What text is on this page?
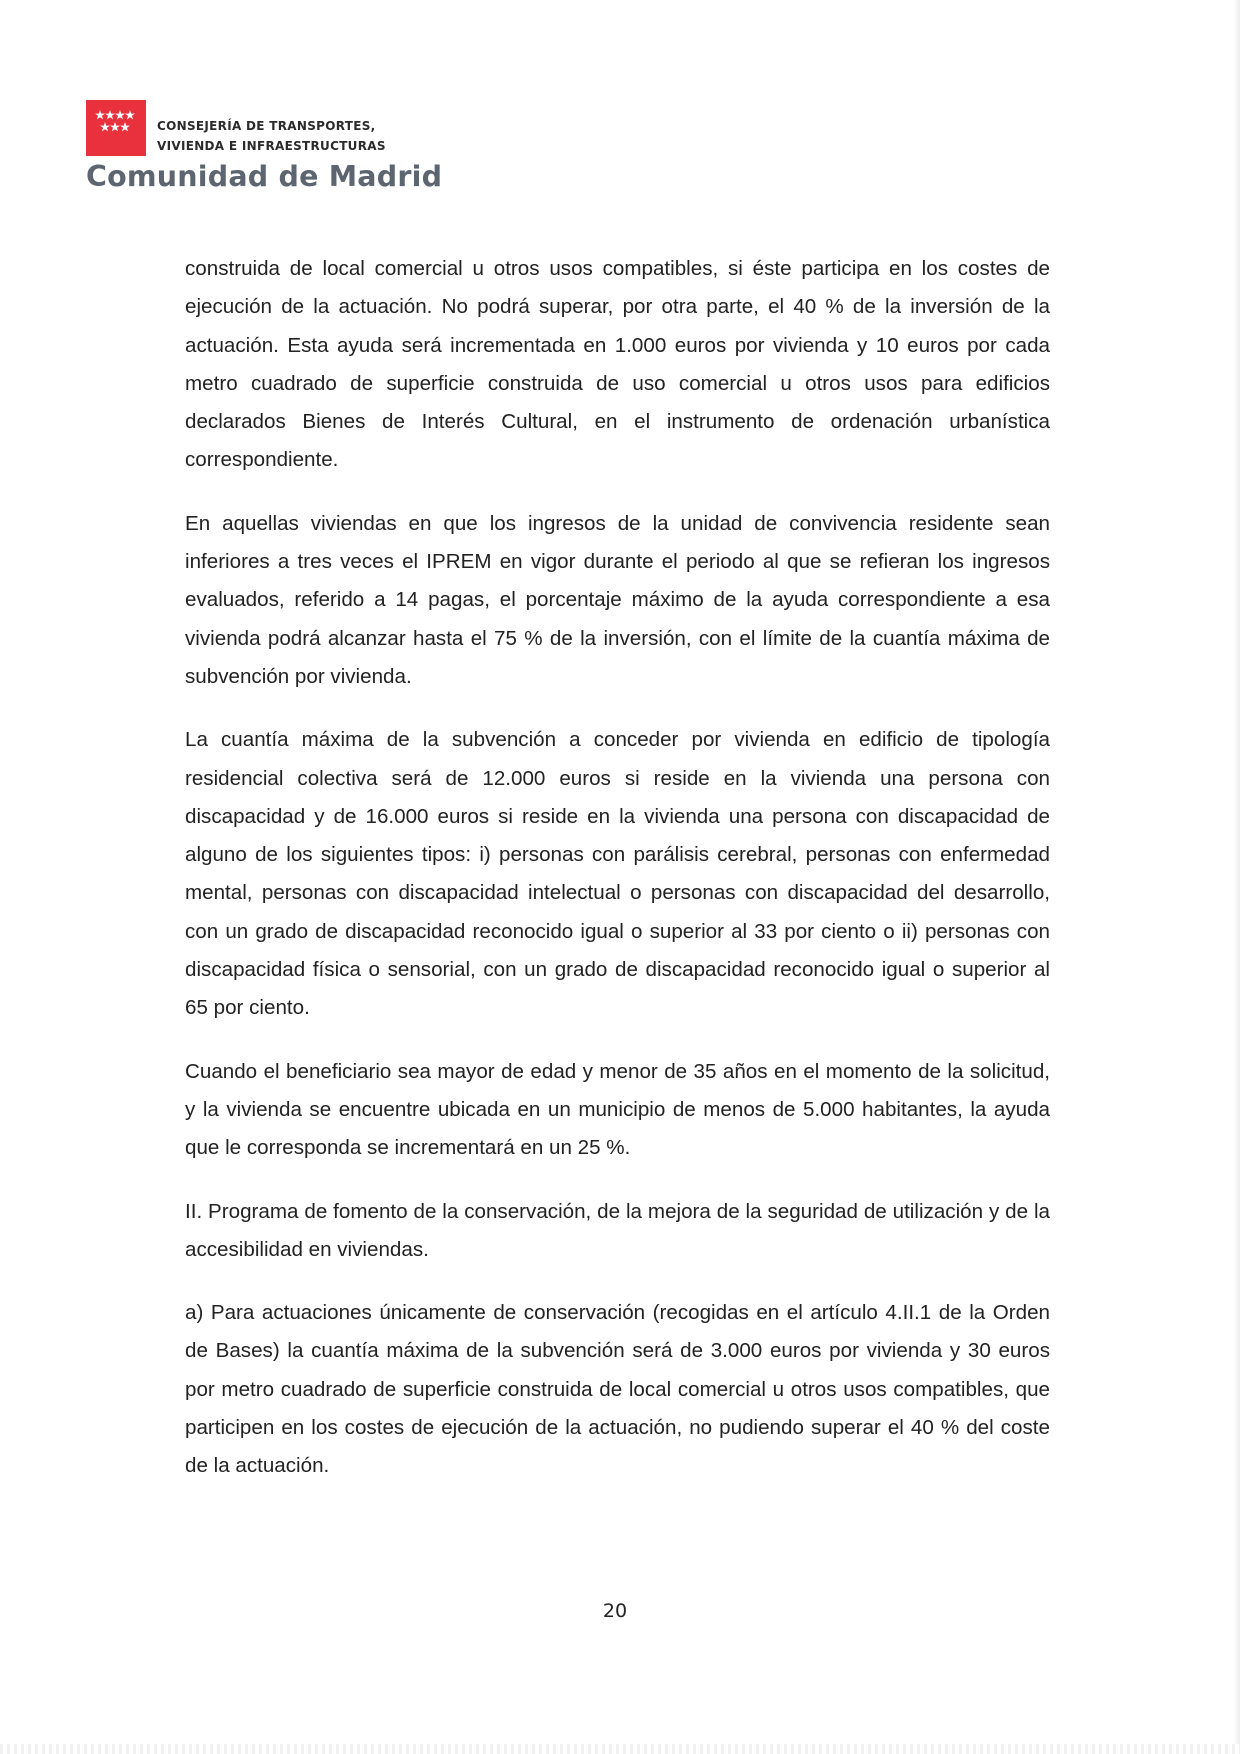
CONSEJERÍA DE TRANSPORTES,
VIVIENDA E INFRAESTRUCTURAS
Comunidad de Madrid

construida de local comercial u otros usos compatibles, si éste participa en los costes de ejecución de la actuación. No podrá superar, por otra parte, el 40 % de la inversión de la actuación. Esta ayuda será incrementada en 1.000 euros por vivienda y 10 euros por cada metro cuadrado de superficie construida de uso comercial u otros usos para edificios declarados Bienes de Interés Cultural, en el instrumento de ordenación urbanística correspondiente.

En aquellas viviendas en que los ingresos de la unidad de convivencia residente sean inferiores a tres veces el IPREM en vigor durante el periodo al que se refieran los ingresos evaluados, referido a 14 pagas, el porcentaje máximo de la ayuda correspondiente a esa vivienda podrá alcanzar hasta el 75 % de la inversión, con el límite de la cuantía máxima de subvención por vivienda.

La cuantía máxima de la subvención a conceder por vivienda en edificio de tipología residencial colectiva será de 12.000 euros si reside en la vivienda una persona con discapacidad y de 16.000 euros si reside en la vivienda una persona con discapacidad de alguno de los siguientes tipos: i) personas con parálisis cerebral, personas con enfermedad mental, personas con discapacidad intelectual o personas con discapacidad del desarrollo, con un grado de discapacidad reconocido igual o superior al 33 por ciento o ii) personas con discapacidad física o sensorial, con un grado de discapacidad reconocido igual o superior al 65 por ciento.

Cuando el beneficiario sea mayor de edad y menor de 35 años en el momento de la solicitud, y la vivienda se encuentre ubicada en un municipio de menos de 5.000 habitantes, la ayuda que le corresponda se incrementará en un 25 %.

II. Programa de fomento de la conservación, de la mejora de la seguridad de utilización y de la accesibilidad en viviendas.

a) Para actuaciones únicamente de conservación (recogidas en el artículo 4.II.1 de la Orden de Bases) la cuantía máxima de la subvención será de 3.000 euros por vivienda y 30 euros por metro cuadrado de superficie construida de local comercial u otros usos compatibles, que participen en los costes de ejecución de la actuación, no pudiendo superar el 40 % del coste de la actuación.

20
